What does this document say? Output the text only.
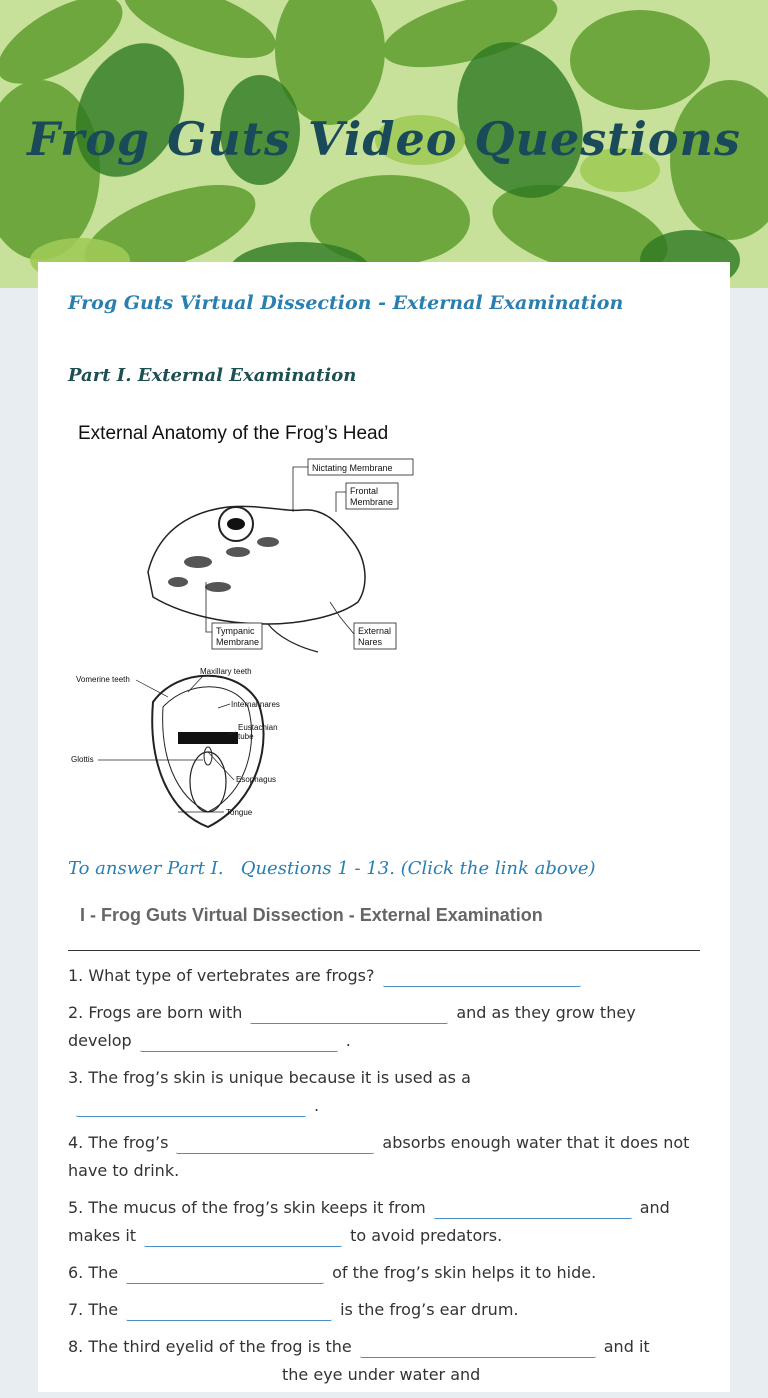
Frog Guts Video Questions
Frog Guts Virtual Dissection - External Examination
Part I. External Examination
External Anatomy of the Frog’s Head
Nictating Membrane
Frontal
Membrane
Tympanic
Membrane
External
Nares
Vomerine teeth
Maxillary teeth
Internal nares
Eustachian
tube
Glottis
Esophagus
Tongue

To answer Part I.   Questions 1 - 13. (Click the link above)

I - Frog Guts Virtual Dissection - External Examination

1. What type of vertebrates are frogs?

2. Frogs are born with	and as they grow they develop	.

3. The frog’s skin is unique because it is used as a
.

4. The frog’s	absorbs enough water that it does not have to drink.

5. The mucus of the frog’s skin keeps it from	and makes it	to avoid predators.

6. The	of the frog’s skin helps it to hide.

7. The	is the frog’s ear drum.

8. The third eyelid of the frog is the	and it
the eye under water and
